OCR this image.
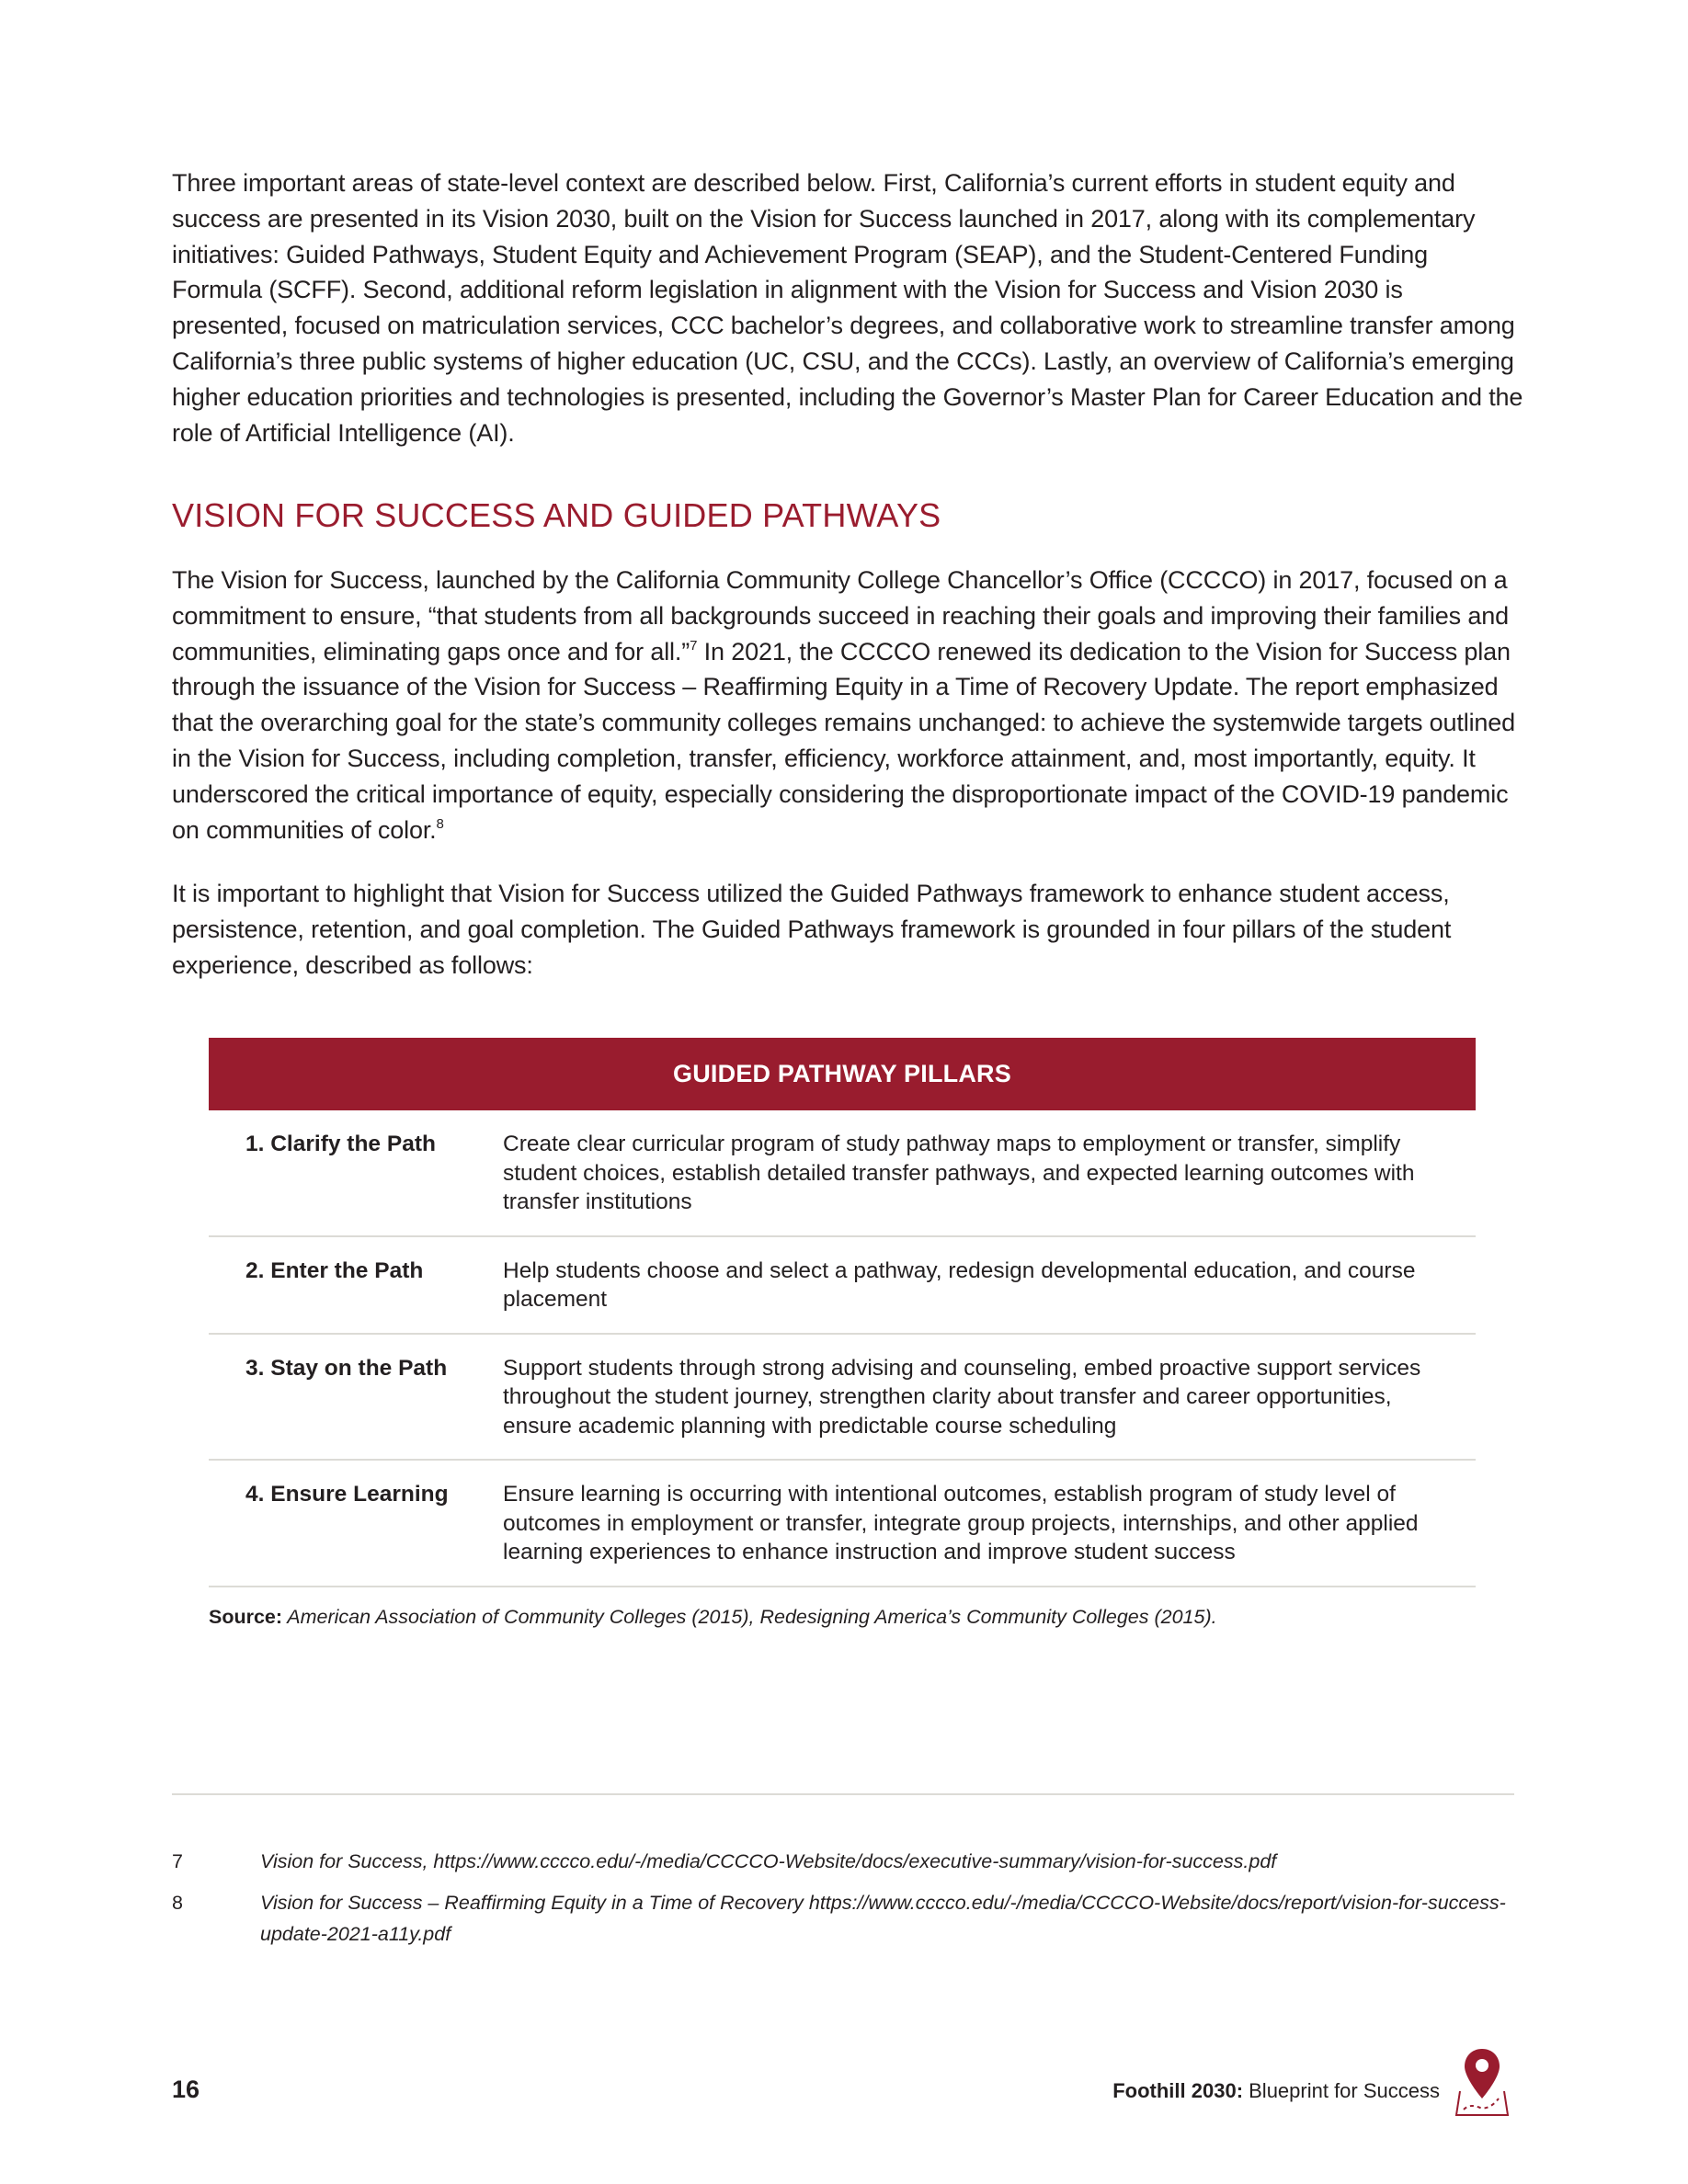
Three important areas of state-level context are described below. First, California’s current efforts in student equity and success are presented in its Vision 2030, built on the Vision for Success launched in 2017, along with its complementary initiatives: Guided Pathways, Student Equity and Achievement Program (SEAP), and the Student-Centered Funding Formula (SCFF). Second, additional reform legislation in alignment with the Vision for Success and Vision 2030 is presented, focused on matriculation services, CCC bachelor’s degrees, and collaborative work to streamline transfer among California’s three public systems of higher education (UC, CSU, and the CCCs). Lastly, an overview of California’s emerging higher education priorities and technologies is presented, including the Governor’s Master Plan for Career Education and the role of Artificial Intelligence (AI).

VISION FOR SUCCESS AND GUIDED PATHWAYS

The Vision for Success, launched by the California Community College Chancellor’s Office (CCCCO) in 2017, focused on a commitment to ensure, “that students from all backgrounds succeed in reaching their goals and improving their families and communities, eliminating gaps once and for all.”$^7$ In 2021, the CCCCO renewed its dedication to the Vision for Success plan through the issuance of the Vision for Success – Reaffirming Equity in a Time of Recovery Update. The report emphasized that the overarching goal for the state’s community colleges remains unchanged: to achieve the systemwide targets outlined in the Vision for Success, including completion, transfer, efficiency, workforce attainment, and, most importantly, equity. It underscored the critical importance of equity, especially considering the disproportionate impact of the COVID-19 pandemic on communities of color.$^8$

It is important to highlight that Vision for Success utilized the Guided Pathways framework to enhance student access, persistence, retention, and goal completion. The Guided Pathways framework is grounded in four pillars of the student experience, described as follows:

GUIDED PATHWAY PILLARS
1. Clarify the Path	Create clear curricular program of study pathway maps to employment or transfer, simplify student choices, establish detailed transfer pathways, and expected learning outcomes with transfer institutions
2. Enter the Path	Help students choose and select a pathway, redesign developmental education, and course placement
3. Stay on the Path	Support students through strong advising and counseling, embed proactive support services throughout the student journey, strengthen clarity about transfer and career opportunities, ensure academic planning with predictable course scheduling
4. Ensure Learning	Ensure learning is occurring with intentional outcomes, establish program of study level of outcomes in employment or transfer, integrate group projects, internships, and other applied learning experiences to enhance instruction and improve student success
Source: American Association of Community Colleges (2015), Redesigning America’s Community Colleges (2015).
7	Vision for Success, https://www.cccco.edu/-/media/CCCCO-Website/docs/executive-summary/vision-for-success.pdf
8	Vision for Success – Reaffirming Equity in a Time of Recovery https://www.cccco.edu/-/media/CCCCO-Website/docs/report/vision-for-success-update-2021-a11y.pdf
16	Foothill 2030: Blueprint for Success
